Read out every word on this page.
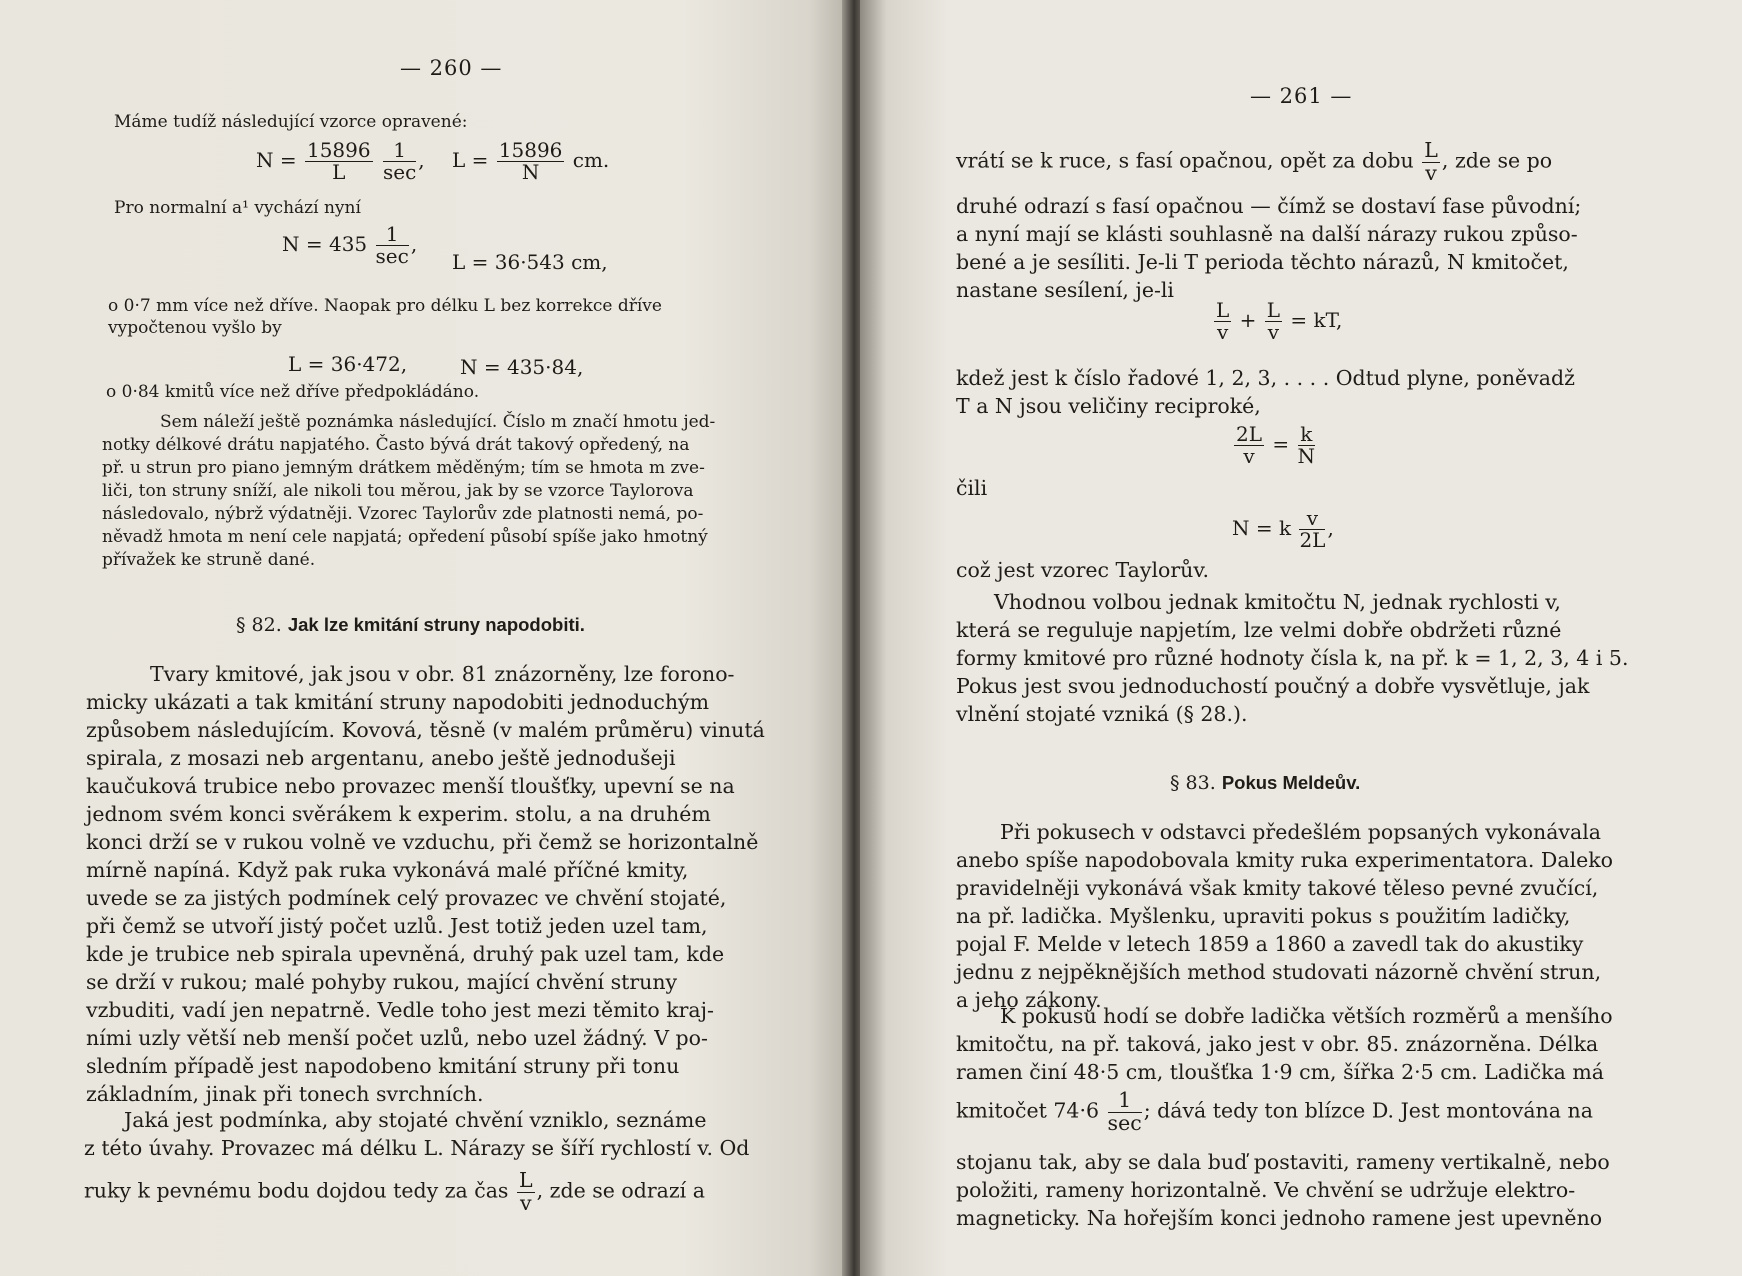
— 260 —
Máme tudíž následující vzorce opravené:
$N = \frac{15896}{L}$
$\frac{1}{\sec}$ , $L = \frac{15896}{N}$ cm.
Pro normalní a¹ vychází nyní
$N = 435 \frac{1}{\sec}$ ,
L = 36·543 cm,
o 0·7 mm více než dříve. Naopak pro délku L bez korrekce dříve
vypočtenou vyšlo by
L = 36·472,	N = 435·84,
o 0·84 kmitů více než dříve předpokládáno.
Sem náleží ještě poznámka následující. Číslo m značí hmotu jed-
notky délkové drátu napjatého. Často bývá drát takový opředený, na
př. u strun pro piano jemným drátkem měděným; tím se hmota m zve-
liči, ton struny sníží, ale nikoli tou měrou, jak by se vzorce Taylorova
následovalo, nýbrž výdatněji. Vzorec Taylorův zde platnosti nemá, po-
něvadž hmota m není cele napjatá; opředení působí spíše jako hmotný
přívažek ke struně dané.
§ 82. Jak lze kmitání struny napodobiti.
Tvary kmitové, jak jsou v obr. 81 znázorněny, lze forono-
micky ukázati a tak kmitání struny napodobiti jednoduchým
způsobem následujícím. Kovová, těsně (v malém průměru) vinutá
spirala, z mosazi neb argentanu, anebo ještě jednodušeji
kaučuková trubice nebo provazec menší tloušťky, upevní se na
jednom svém konci svěrákem k experim. stolu, a na druhém
konci drží se v rukou volně ve vzduchu, při čemž se horizontalně
mírně napíná. Když pak ruka vykonává malé příčné kmity,
uvede se za jistých podmínek celý provazec ve chvění stojaté,
při čemž se utvoří jistý počet uzlů. Jest totiž jeden uzel tam,
kde je trubice neb spirala upevněná, druhý pak uzel tam, kde
se drží v rukou; malé pohyby rukou, mající chvění struny
vzbuditi, vadí jen nepatrně. Vedle toho jest mezi těmito kraj-
ními uzly větší neb menší počet uzlů, nebo uzel žádný. V po-
sledním případě jest napodobeno kmitání struny při tonu
základním, jinak při tonech svrchních.
Jaká jest podmínka, aby stojaté chvění vzniklo, seznáme
z této úvahy. Provazec má délku L. Nárazy se šíří rychlostí v. Od
ruky k pevnému bodu dojdou tedy za čas $\frac{L}{v}$ , zde se odrazí a
— 261 —
vrátí se k ruce, s fasí opačnou, opět za dobu $\frac{L}{v}$ , zde se po
druhé odrazí s fasí opačnou — čímž se dostaví fase původní;
a nyní mají se klásti souhlasně na další nárazy rukou způso-
bené a je sesíliti. Je-li T perioda těchto nárazů, N kmitočet,
nastane sesílení, je-li
$\frac{L}{v} + \frac{L}{v}$ = kT,
kdež jest k číslo řadové 1, 2, 3, . . . . Odtud plyne, poněvadž
T a N jsou veličiny reciproké,
$\frac{2L}{v} = \frac{k}{N}$
čili
N = k $\frac{v}{2L}$ ,
což jest vzorec Taylorův.
Vhodnou volbou jednak kmitočtu N, jednak rychlosti v,
která se reguluje napjetím, lze velmi dobře obdržeti různé
formy kmitové pro různé hodnoty čísla k, na př. k = 1, 2, 3, 4 i 5.
Pokus jest svou jednoduchostí poučný a dobře vysvětluje, jak
vlnění stojaté vzniká (§ 28.).
§ 83. Pokus Meldeův.
Při pokusech v odstavci předešlém popsaných vykonávala
anebo spíše napodobovala kmity ruka experimentatora. Daleko
pravidelněji vykonává však kmity takové těleso pevné zvučící,
na př. ladička. Myšlenku, upraviti pokus s použitím ladičky,
pojal F. Melde v letech 1859 a 1860 a zavedl tak do akustiky
jednu z nejpěknějších method studovati názorně chvění strun,
a jeho zákony.
K pokusu hodí se dobře ladička větších rozměrů a menšího
kmitočtu, na př. taková, jako jest v obr. 85. znázorněna. Délka
ramen činí 48·5 cm, tloušťka 1·9 cm, šířka 2·5 cm. Ladička má
kmitočet $74\cdot 6 \frac{1}{\sec}$ ; dává tedy ton blízce D. Jest montována na
stojanu tak, aby se dala buď postaviti, rameny vertikalně, nebo
položiti, rameny horizontalně. Ve chvění se udržuje elektro-
magneticky. Na hořejším konci jednoho ramene jest upevněno
